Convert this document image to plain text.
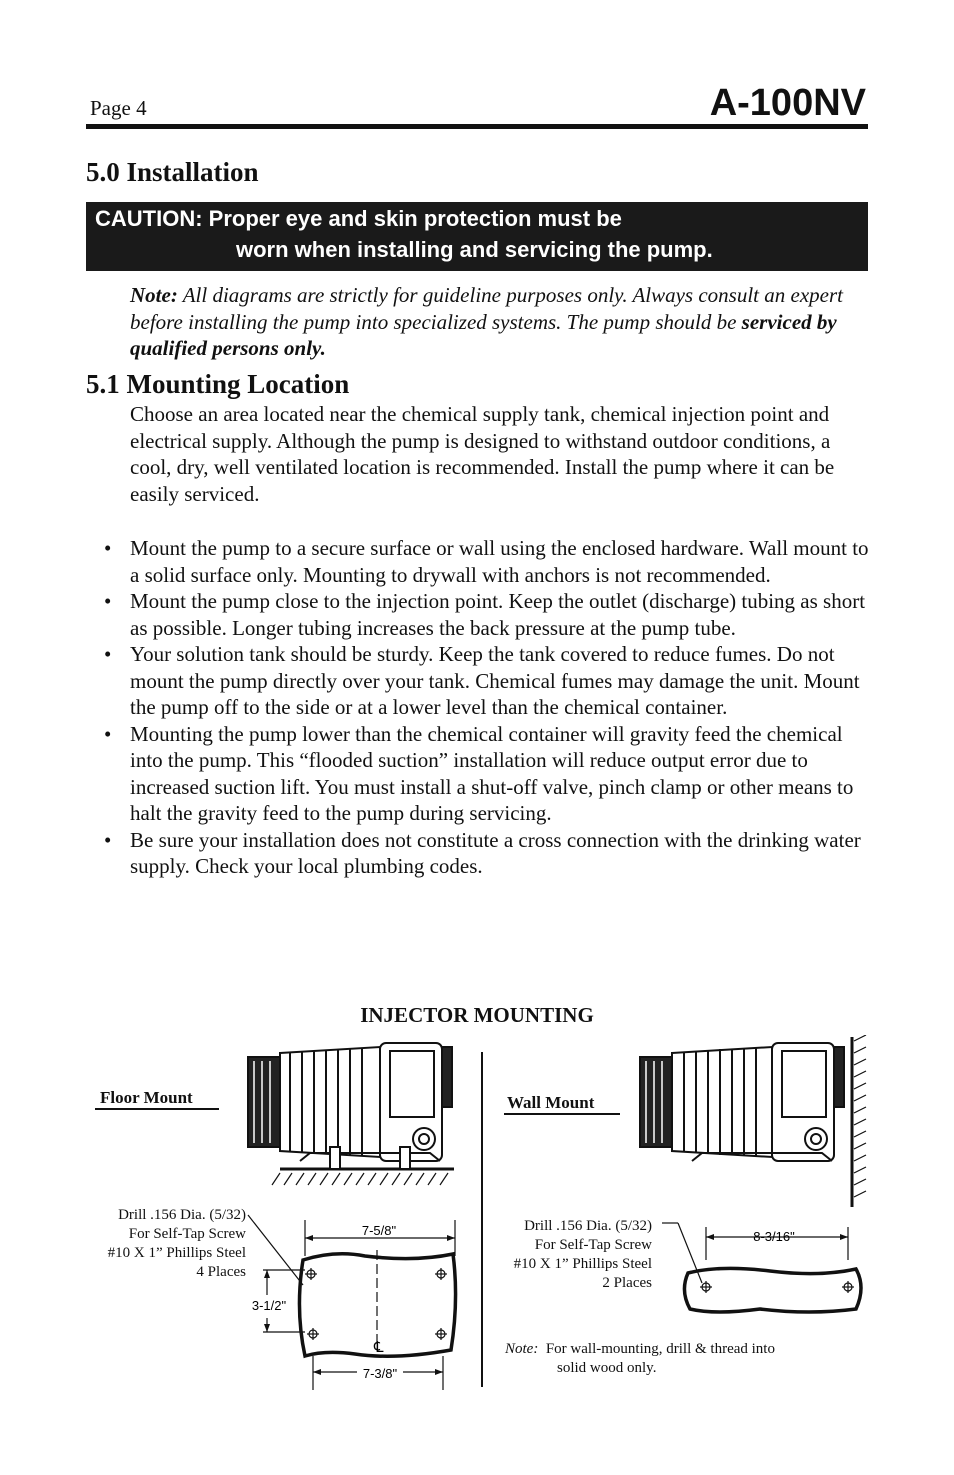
Page 4	A-100NV
5.0 Installation
CAUTION: Proper eye and skin protection must be
worn when installing and servicing the pump.
Note: All diagrams are strictly for guideline purposes only. Always consult an expert before installing the pump into specialized systems. The pump should be serviced by qualified persons only.
5.1 Mounting Location
Choose an area located near the chemical supply tank, chemical injection point and electrical supply. Although the pump is designed to withstand outdoor conditions, a cool, dry, well ventilated location is recommended. Install the pump where it can be easily serviced.
• Mount the pump to a secure surface or wall using the enclosed hardware. Wall mount to a solid surface only. Mounting to drywall with anchors is not recommended.
• Mount the pump close to the injection point. Keep the outlet (discharge) tubing as short as possible. Longer tubing increases the back pressure at the pump tube.
• Your solution tank should be sturdy. Keep the tank covered to reduce fumes. Do not mount the pump directly over your tank. Chemical fumes may damage the unit. Mount the pump off to the side or at a lower level than the chemical container.
• Mounting the pump lower than the chemical container will gravity feed the chemical into the pump. This “flooded suction” installation will reduce output error due to increased suction lift. You must install a shut-off valve, pinch clamp or other means to halt the gravity feed to the pump during servicing.
• Be sure your installation does not constitute a cross connection with the drinking water supply. Check your local plumbing codes.
INJECTOR MOUNTING
Floor Mount	Wall Mount
Drill .156 Dia. (5/32)
For Self-Tap Screw
#10 X 1” Phillips Steel
4 Places
7-5/8"
3-1/2"
7-3/8"
℄
Drill .156 Dia. (5/32)
For Self-Tap Screw
#10 X 1” Phillips Steel
2 Places
8-3/16"
Note: For wall-mounting, drill & thread into
solid wood only.
